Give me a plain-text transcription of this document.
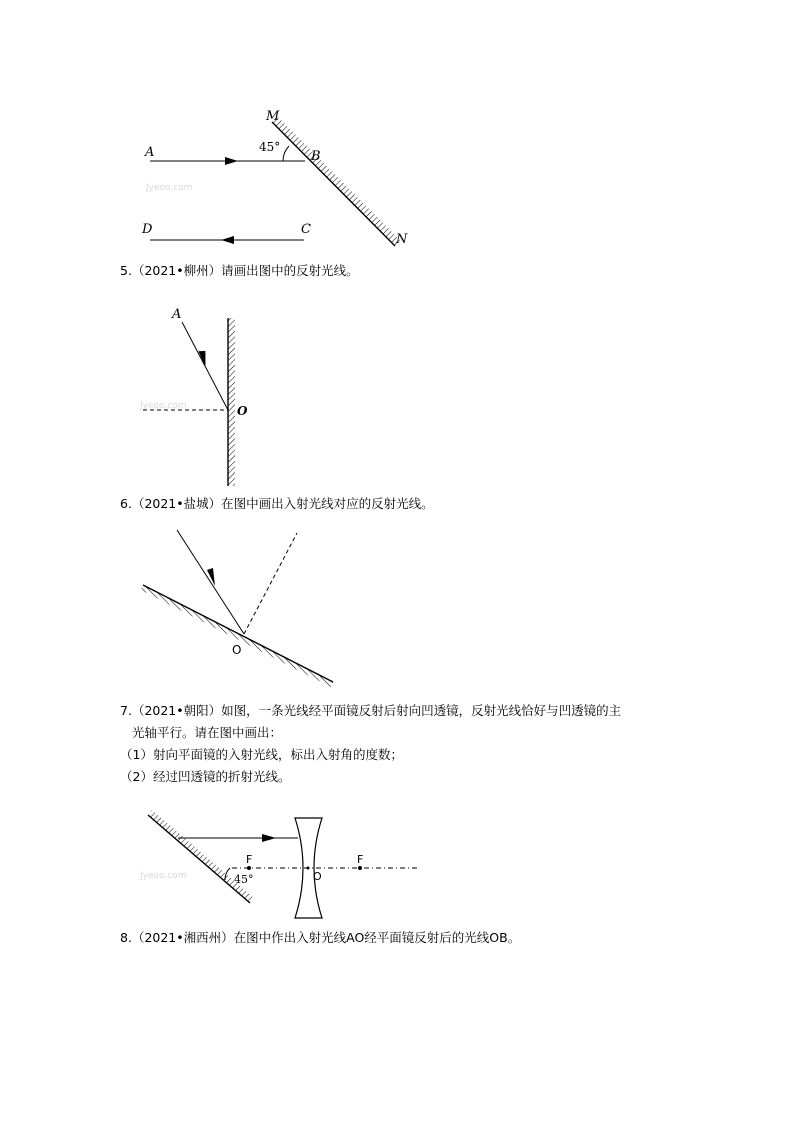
Jyeoo.com
M
A	45°
B
N
D	C
Jyeoo.com
A
O
O
Jyeoo.com
F	F
O
45°
5.（2021•柳州）请画出图中的反射光线。
6.（2021•盐城）在图中画出入射光线对应的反射光线。
7.（2021•朝阳）如图，一条光线经平面镜反射后射向凹透镜，反射光线恰好与凹透镜的主
光轴平行。请在图中画出：
（1）射向平面镜的入射光线，标出入射角的度数；
（2）经过凹透镜的折射光线。
8.（2021•湘西州）在图中作出入射光线AO经平面镜反射后的光线OB。
